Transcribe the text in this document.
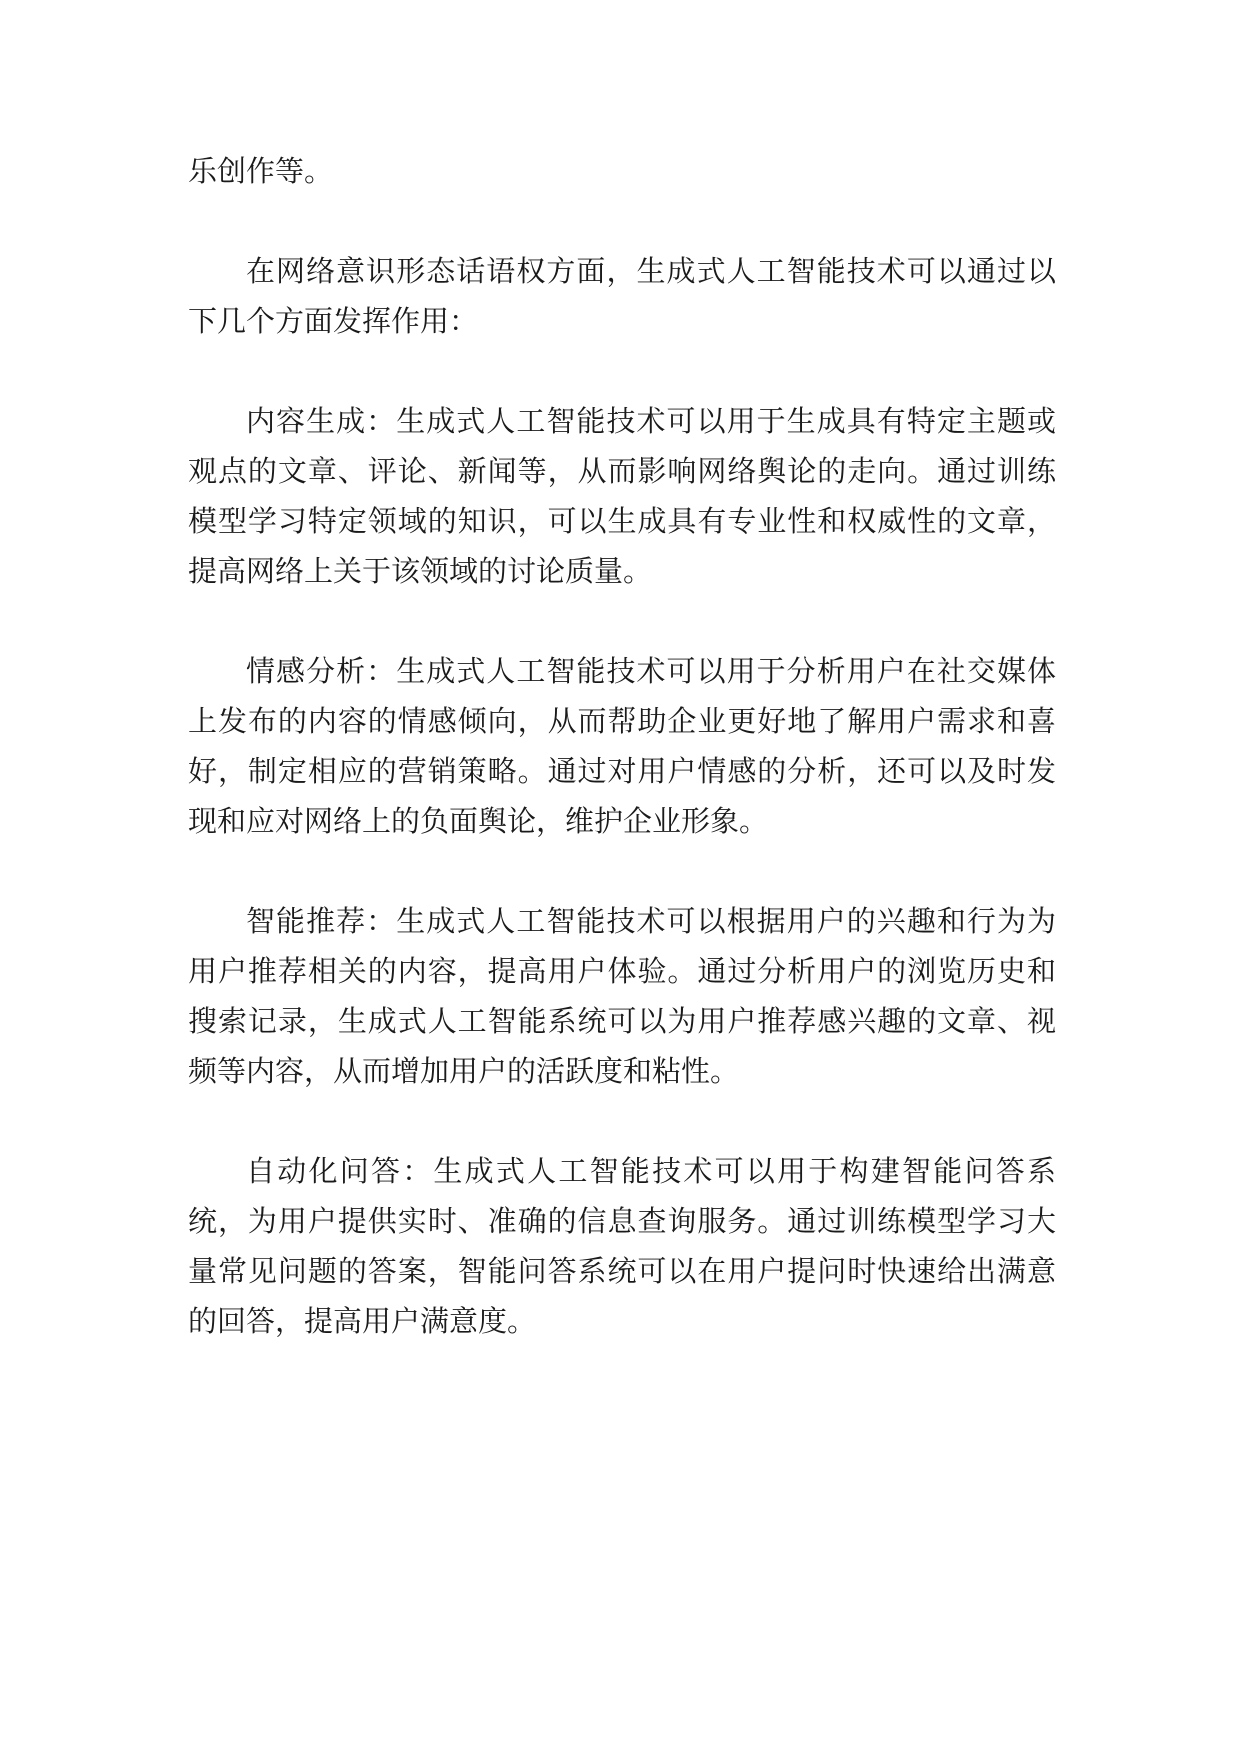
乐创作等。

在网络意识形态话语权方面，生成式人工智能技术可以通过以下几个方面发挥作用：

内容生成：生成式人工智能技术可以用于生成具有特定主题或观点的文章、评论、新闻等，从而影响网络舆论的走向。通过训练模型学习特定领域的知识，可以生成具有专业性和权威性的文章，提高网络上关于该领域的讨论质量。

情感分析：生成式人工智能技术可以用于分析用户在社交媒体上发布的内容的情感倾向，从而帮助企业更好地了解用户需求和喜好，制定相应的营销策略。通过对用户情感的分析，还可以及时发现和应对网络上的负面舆论，维护企业形象。

智能推荐：生成式人工智能技术可以根据用户的兴趣和行为为用户推荐相关的内容，提高用户体验。通过分析用户的浏览历史和搜索记录，生成式人工智能系统可以为用户推荐感兴趣的文章、视频等内容，从而增加用户的活跃度和粘性。

自动化问答：生成式人工智能技术可以用于构建智能问答系统，为用户提供实时、准确的信息查询服务。通过训练模型学习大量常见问题的答案，智能问答系统可以在用户提问时快速给出满意的回答，提高用户满意度。
